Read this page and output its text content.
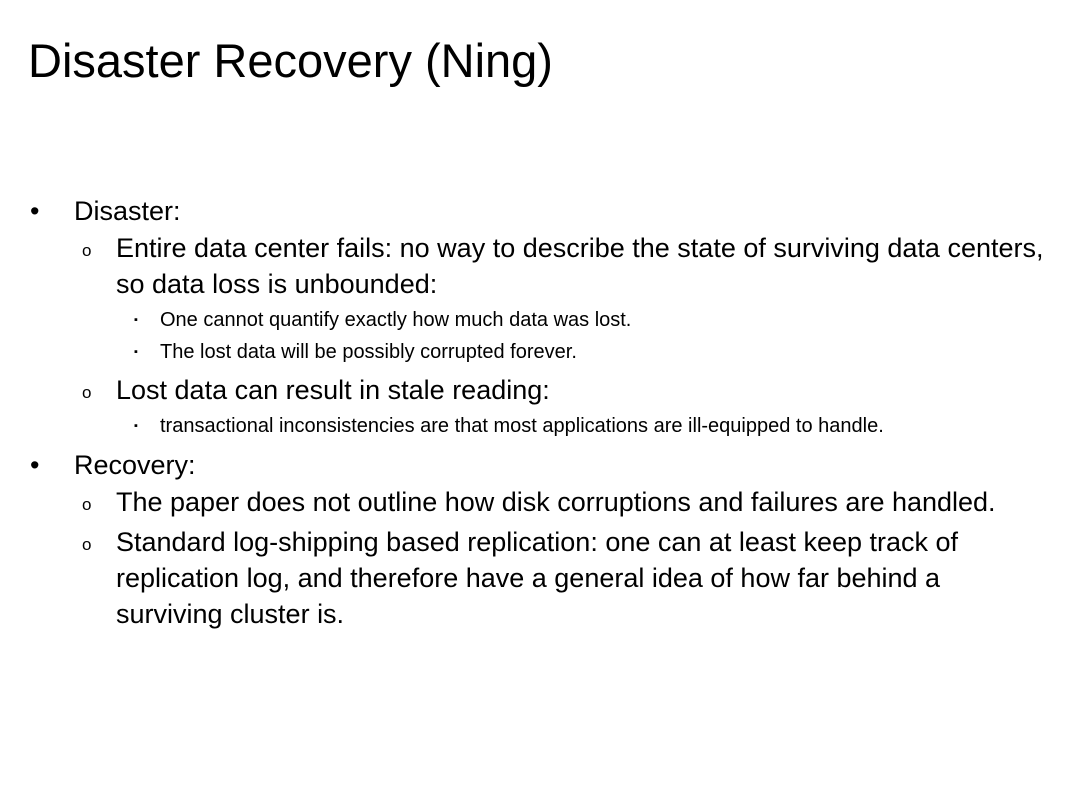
Disaster Recovery (Ning)
•	Disaster:
o Entire data center fails: no way to describe the state of surviving data centers, so data loss is unbounded:
▪ One cannot quantify exactly how much data was lost.
▪ The lost data will be possibly corrupted forever.
o Lost data can result in stale reading:
▪ transactional inconsistencies are that most applications are ill-equipped to handle.
•	Recovery:
o The paper does not outline how disk corruptions and failures are handled.
o Standard log-shipping based replication: one can at least keep track of replication log, and therefore have a general idea of how far behind a surviving cluster is.
